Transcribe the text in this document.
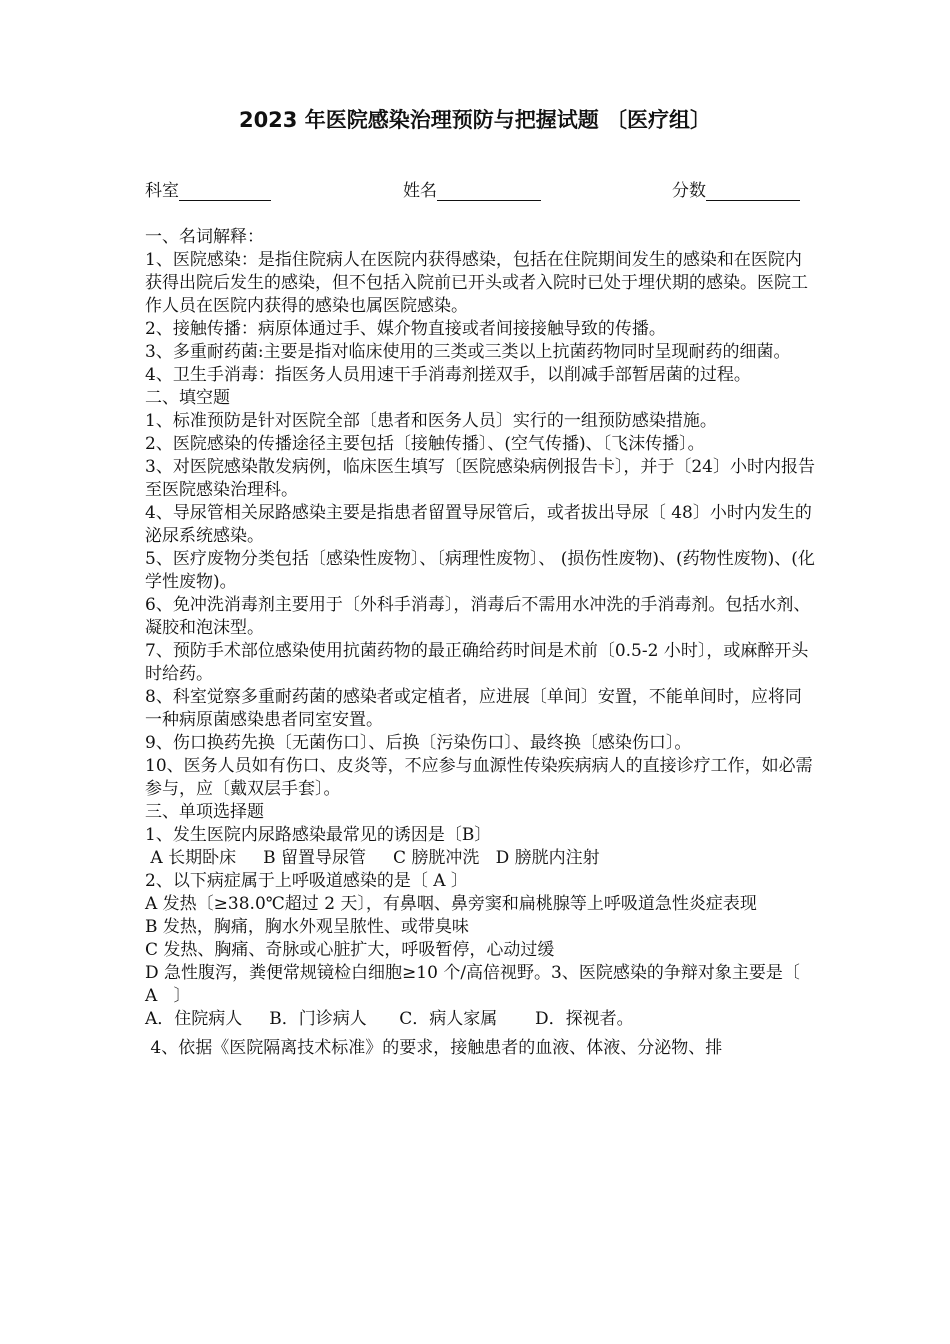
2023 年医院感染治理预防与把握试题 〔医疗组〕
科室	姓名	分数

一、名词解释：

1、医院感染：是指住院病人在医院内获得感染，包括在住院期间发生的感染和在医院内获得出院后发生的感染，但不包括入院前已开头或者入院时已处于埋伏期的感染。医院工作人员在医院内获得的感染也属医院感染。

2、接触传播：病原体通过手、媒介物直接或者间接接触导致的传播。

3、多重耐药菌:主要是指对临床使用的三类或三类以上抗菌药物同时呈现耐药的细菌。

4、卫生手消毒：指医务人员用速干手消毒剂搓双手，以削减手部暂居菌的过程。

二、填空题

1、标准预防是针对医院全部〔患者和医务人员〕实行的一组预防感染措施。

2、医院感染的传播途径主要包括〔接触传播〕、(空气传播)、〔飞沫传播〕。

3、对医院感染散发病例，临床医生填写〔医院感染病例报告卡〕，并于〔24〕小时内报告至医院感染治理科。

4、导尿管相关尿路感染主要是指患者留置导尿管后，或者拔出导尿〔 48〕小时内发生的泌尿系统感染。

5、医疗废物分类包括〔感染性废物〕、〔病理性废物〕、 (损伤性废物)、(药物性废物)、(化学性废物)。

6、免冲洗消毒剂主要用于〔外科手消毒〕，消毒后不需用水冲洗的手消毒剂。包括水剂、凝胶和泡沫型。

7、预防手术部位感染使用抗菌药物的最正确给药时间是术前〔0.5-2 小时〕，或麻醉开头时给药。

8、科室觉察多重耐药菌的感染者或定植者，应进展〔单间〕安置，不能单间时，应将同一种病原菌感染患者同室安置。

9、伤口换药先换〔无菌伤口〕、后换〔污染伤口〕、最终换〔感染伤口〕。

10、医务人员如有伤口、皮炎等，不应参与血源性传染疾病病人的直接诊疗工作，如必需参与，应〔戴双层手套〕。

三、单项选择题

1、发生医院内尿路感染最常见的诱因是〔B〕

A 长期卧床     B 留置导尿管     C 膀胱冲洗   D 膀胱内注射

2、以下病症属于上呼吸道感染的是〔 A 〕

A 发热〔≥38.0℃超过 2 天〕，有鼻咽、鼻旁窦和扁桃腺等上呼吸道急性炎症表现

B 发热，胸痛，胸水外观呈脓性、或带臭味

C 发热、胸痛、奇脉或心脏扩大，呼吸暂停，心动过缓

D 急性腹泻，粪便常规镜检白细胞≥10 个/高倍视野。3、医院感染的争辩对象主要是〔  A   〕

A．住院病人     B．门诊病人      C．病人家属       D．探视者。

4、依据《医院隔离技术标准》的要求，接触患者的血液、体液、分泌物、排
